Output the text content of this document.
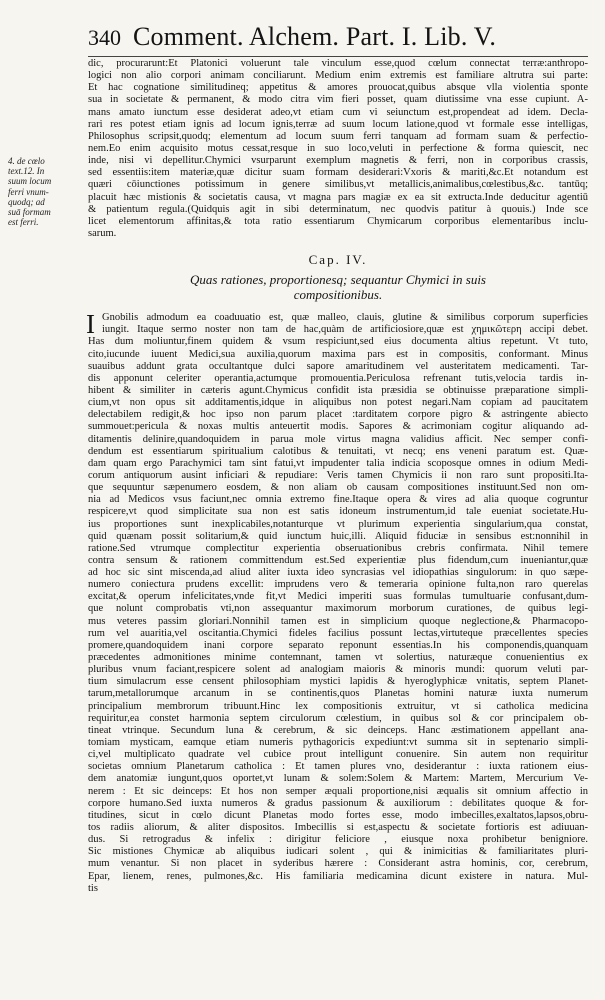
340 Comment. Alchem. Part. I. Lib. V.
4. de cœlo
text.12. In
suum locum
ferri vnum-
quodq; ad
suā formam
est ferri.
dic, procurarunt:Et Platonici voluerunt tale vinculum esse,quod cœlum connectat terræ:anthropo-
logici non alio corpori animam conciliarunt. Medium enim extremis est familiare altrutra sui parte:
Et hac cognatione similitudineq; appetitus & amores prouocat,quibus absque vlla violentia sponte
sua in societate & permanent, & modo citra vim fieri posset, quam diutissime vna esse cupiunt. A-
mans amato iunctum esse desiderat adeo,vt etiam cum vi seiunctum est,propendeat ad idem. Decla-
rari res potest etiam ignis ad locum ignis,terræ ad suum locum latione,quod vt formale esse intelligas,
Philosophus scripsit,quodq; elementum ad locum suum ferri tanquam ad formam suam & perfectio-
nem.Eo enim acquisito motus cessat,resque in suo loco,veluti in perfectione & forma quiescit, nec
inde, nisi vi depellitur.Chymici vsurparunt exemplum magnetis & ferri, non in corporibus crassis,
sed essentiis:item materiæ,quæ dicitur suam formam desiderari:Vxoris & mariti,&c.Et notandum est
quæri cōiunctiones potissimum in genere similibus,vt metallicis,animalibus,cœlestibus,&c. tantūq;
placuit hæc mistionis & societatis causa, vt magna pars magiæ ex ea sit extructa.Inde deducitur agentiū
& patientum regula.(Quidquis agit in sibi determinatum, nec quodvis patitur à quouis.) Inde sce
licet elementorum affinitas,& tota ratio essentiarum Chymicarum corporibus elementaribus inclu-
sarum.
Cap. IV.
Quas rationes, proportionesq; sequantur Chymici in suis
compositionibus.
I Gnobilis admodum ea coaduuatio est, quæ malleo, clauis, glutine & similibus corporum superficies
iungit. Itaque sermo noster non tam de hac,quàm de artificiosiore,quæ est χημικῶτερη accipi debet.
Has dum moliuntur,finem quidem & vsum respiciunt,sed eius documenta altius repetunt. Vt tuto,
cito,iucunde iuuent Medici,sua auxilia,quorum maxima pars est in compositis, conformant. Minus
suauibus addunt grata occultantque dulci sapore amaritudinem vel austeritatem medicamenti. Tar-
dis apponunt celeriter operantia,actumque promouentia.Periculosa refrenant tutis,velocia tardis in-
hibent & similiter in cæteris agunt.Chymicus confidit ista præsidia se obtinuisse præparatione simpli-
cium,vt non opus sit additamentis,idque in aliquibus non potest negari.Nam copiam ad paucitatem
delectabilem redigit,& hoc ipso non parum placet :tarditatem corpore pigro & astringente abiecto
summouet:pericula & noxas multis anteuertit modis. Sapores & acrimoniam cogitur aliquando ad-
ditamentis delinire,quandoquidem in parua mole virtus magna validius afficit. Nec semper confi-
dendum est essentiarum spiritualium calotibus & tenuitati, vt necq; ens veneni paratum est. Quæ-
dam quam ergo Parachymici tam sint fatui,vt impudenter talia indicia scoposque omnes in odium Medi-
corum antiquorum ausint inficiari & repudiare: Veris tamen Chymicis ii non raro sunt propositi.Ita-
que sequuntur sæpenumero eosdem, & non aliam ob causam compositiones instituunt.Sed non om-
nia ad Medicos vsus faciunt,nec omnia extremo fine.Itaque opera & vires ad alia quoque cogruntur
respicere,vt quod simplicitate sua non est satis idoneum instrumentum,id tale eueniat societate.Hu-
ius proportiones sunt inexplicabiles,notanturque vt plurimum experientia singularium,qua constat,
quid quænam possit solitarium,& quid iunctum huic,illi. Aliquid fiduciæ in sensibus est:nonnihil in
ratione.Sed vtrumque complectitur experientia obseruationibus crebris confirmata. Nihil temere
contra sensum & rationem committendum est.Sed experientiæ plus fidendum,cum inueniantur,quæ
ad hoc sic sint miscenda,ad aliud aliter iuxta ideo syncrasias vel idiopathias singulorum: in quo sæpe-
numero coniectura prudens excellit: imprudens vero & temeraria opinione fulta,non raro querelas
excitat,& operum infelicitates,vnde fit,vt Medici imperiti suas formulas tumultuarie confusant,dum-
que nolunt comprobatis vti,non assequantur maximorum morborum curationes, de quibus legi-
mus veteres passim gloriari.Nonnihil tamen est in simplicium quoque neglectione,& Pharmacopo-
rum vel auaritia,vel oscitantia.Chymici fideles facilius possunt lectas,virtuteque præcellentes species
promere,quandoquidem inani corpore separato reponunt essentias.In his componendis,quanquam
præcedentes admonitiones minime contemnant, tamen vt solertius, naturæque conuenientius ex
pluribus vnum faciant,respicere solent ad analogiam maioris & minoris mundi: quorum veluti par-
tium simulacrum esse censent philosophiam mystici lapidis & hyeroglyphicæ vnitatis, septem Planet-
tarum,metallorumque arcanum in se continentis,quos Planetas homini naturæ iuxta numerum
principalium membrorum tribuunt.Hinc lex compositionis extruitur, vt si catholica medicina
requiritur,ea constet harmonia septem circulorum cœlestium, in quibus sol & cor principalem ob-
tineat vtrinque. Secundum luna & cerebrum, & sic deinceps. Hanc æstimationem appellant ana-
tomiam mysticam, eamque etiam numeris pythagoricis expediunt:vt summa sit in septenario simpli-
ci,vel multiplicato quadrate vel cubice prout intelligunt conuenire. Sin autem non requiritur
societas omnium Planetarum catholica : Et tamen plures vno, desiderantur : iuxta rationem eius-
dem anatomiæ iungunt,quos oportet,vt lunam & solem:Solem & Martem: Martem, Mercurium Ve-
nerem : Et sic deinceps: Et hos non semper æquali proportione,nisi æqualis sit omnium affectio in
corpore humano.Sed iuxta numeros & gradus passionum & auxiliorum : debilitates quoque & for-
titudines, sicut in cœlo dicunt Planetas modo fortes esse, modo imbecilles,exaltatos,lapsos,obru-
tos radiis aliorum, & aliter dispositos. Imbecillis si est,aspectu & societate fortioris est adiuuan-
dus. Si retrogradus & infelix : dirigitur feliciore , eiusque noxa prohibetur benigniore.
Sic mistiones Chymicæ ab aliquibus iudicari solent , qui & inimicitias & familiaritates pluri-
mum venantur. Si non placet in syderibus hærere : Considerant astra hominis, cor, cerebrum,
Epar, lienem, renes, pulmones,&c. His familiaria medicamina dicunt existere in natura. Mul-
tis
